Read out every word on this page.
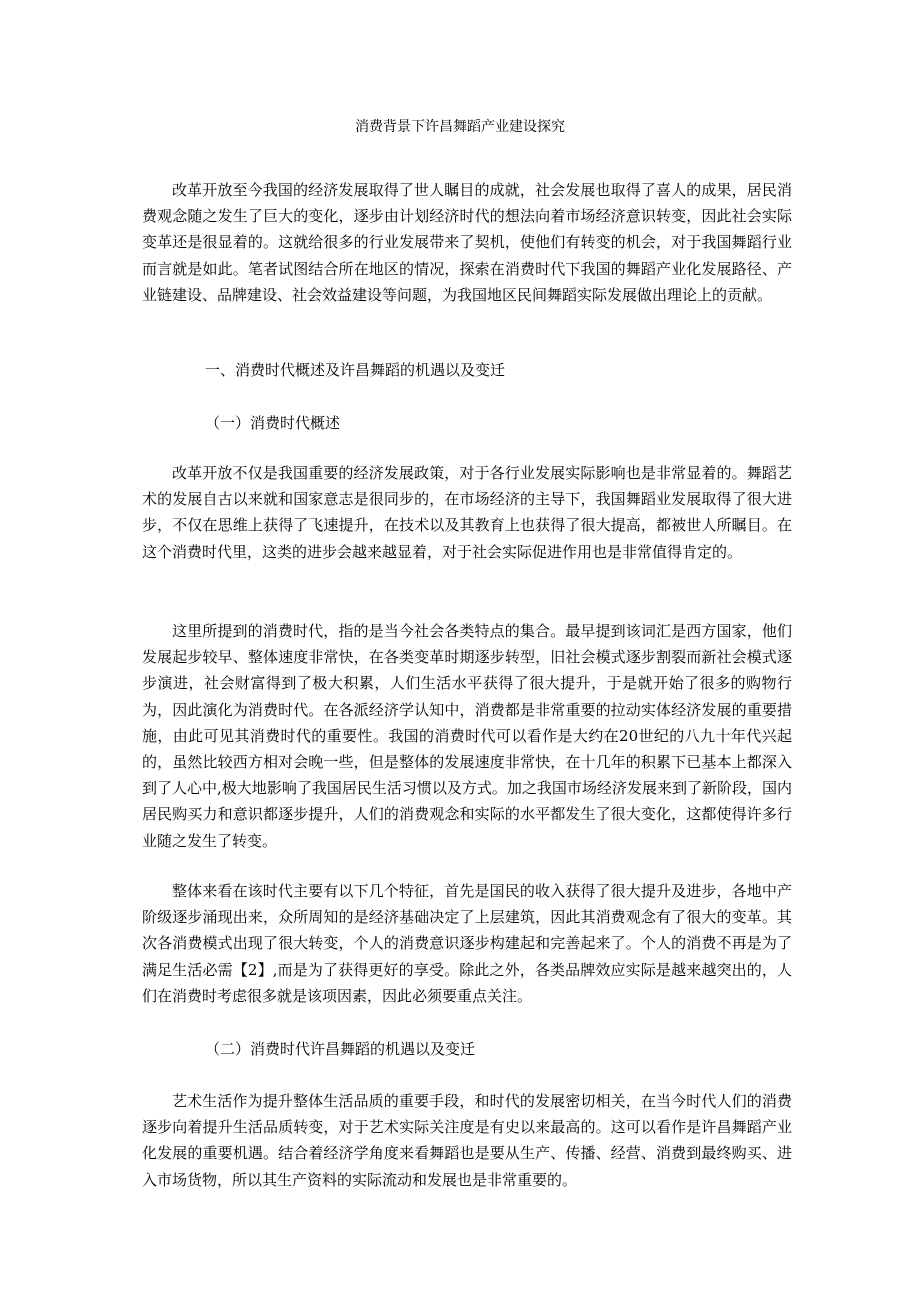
消费背景下许昌舞蹈产业建设探究

改革开放至今我国的经济发展取得了世人瞩目的成就，社会发展也取得了喜人的成果，居民消费观念随之发生了巨大的变化，逐步由计划经济时代的想法向着市场经济意识转变，因此社会实际变革还是很显着的。这就给很多的行业发展带来了契机，使他们有转变的机会，对于我国舞蹈行业而言就是如此。笔者试图结合所在地区的情况，探索在消费时代下我国的舞蹈产业化发展路径、产业链建设、品牌建设、社会效益建设等问题，为我国地区民间舞蹈实际发展做出理论上的贡献。

一、消费时代概述及许昌舞蹈的机遇以及变迁
（一）消费时代概述

改革开放不仅是我国重要的经济发展政策，对于各行业发展实际影响也是非常显着的。舞蹈艺术的发展自古以来就和国家意志是很同步的，在市场经济的主导下，我国舞蹈业发展取得了很大进步，不仅在思维上获得了飞速提升，在技术以及其教育上也获得了很大提高，都被世人所瞩目。在这个消费时代里，这类的进步会越来越显着，对于社会实际促进作用也是非常值得肯定的。

这里所提到的消费时代，指的是当今社会各类特点的集合。最早提到该词汇是西方国家，他们发展起步较早、整体速度非常快，在各类变革时期逐步转型，旧社会模式逐步割裂而新社会模式逐步演进，社会财富得到了极大积累，人们生活水平获得了很大提升，于是就开始了很多的购物行为，因此演化为消费时代。在各派经济学认知中，消费都是非常重要的拉动实体经济发展的重要措施，由此可见其消费时代的重要性。我国的消费时代可以看作是大约在20世纪的八九十年代兴起的，虽然比较西方相对会晚一些，但是整体的发展速度非常快，在十几年的积累下已基本上都深入到了人心中,极大地影响了我国居民生活习惯以及方式。加之我国市场经济发展来到了新阶段，国内居民购买力和意识都逐步提升，人们的消费观念和实际的水平都发生了很大变化，这都使得许多行业随之发生了转变。

整体来看在该时代主要有以下几个特征，首先是国民的收入获得了很大提升及进步，各地中产阶级逐步涌现出来，众所周知的是经济基础决定了上层建筑，因此其消费观念有了很大的变革。其次各消费模式出现了很大转变，个人的消费意识逐步构建起和完善起来了。个人的消费不再是为了满足生活必需【2】,而是为了获得更好的享受。除此之外，各类品牌效应实际是越来越突出的，人们在消费时考虑很多就是该项因素，因此必须要重点关注。

（二）消费时代许昌舞蹈的机遇以及变迁

艺术生活作为提升整体生活品质的重要手段，和时代的发展密切相关，在当今时代人们的消费逐步向着提升生活品质转变，对于艺术实际关注度是有史以来最高的。这可以看作是许昌舞蹈产业化发展的重要机遇。结合着经济学角度来看舞蹈也是要从生产、传播、经营、消费到最终购买、进入市场货物，所以其生产资料的实际流动和发展也是非常重要的。
